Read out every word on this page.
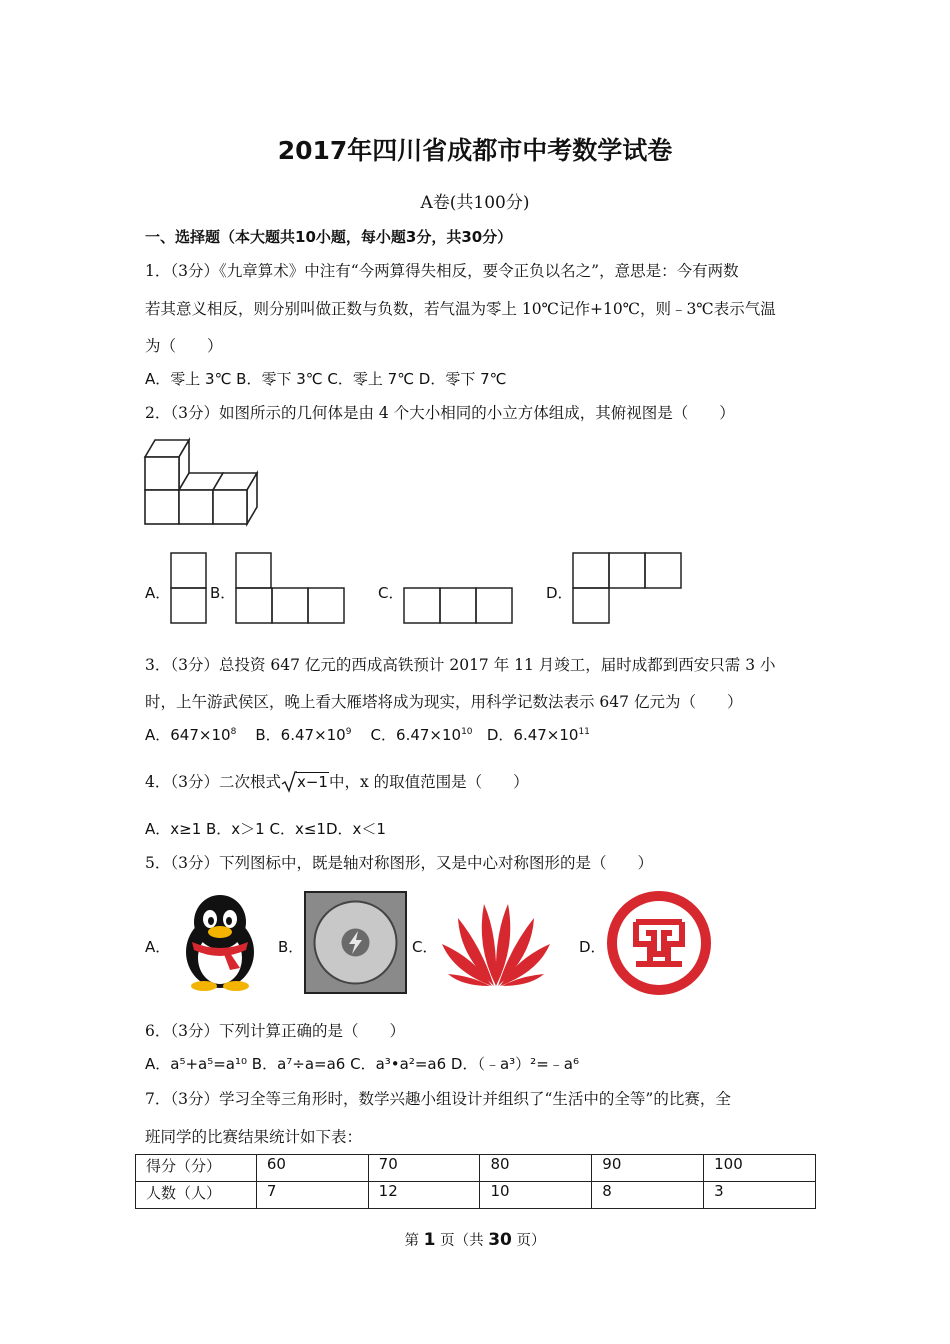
2017年四川省成都市中考数学试卷
A卷(共100分)
一、选择题（本大题共10小题，每小题3分，共30分）
1．（3分）《九章算术》中注有“今两算得失相反，要令正负以名之”，意思是：今有两数
若其意义相反，则分别叫做正数与负数，若气温为零上 10℃记作+10℃，则﹣3℃表示气温
为（　　）
A．零上 3℃ B．零下 3℃ C．零上 7℃ D．零下 7℃
2．（3分）如图所示的几何体是由 4 个大小相同的小立方体组成，其俯视图是（　　）
A．	B．	C．	D．
3．（3分）总投资 647 亿元的西成高铁预计 2017 年 11 月竣工，届时成都到西安只需 3 小
时，上午游武侯区，晚上看大雁塔将成为现实，用科学记数法表示 647 亿元为（　　）
A．$647\times 10^8$ B．$6.47\times 10^9$ C．$6.47\times 10^{10}$ D．$6.47\times 10^{11}$
4．（3分）二次根式 x−1中，x 的取值范围是（　　）
A．x≥1 B．x＞1 C．x≤1D．x＜1
5．（3分）下列图标中，既是轴对称图形，又是中心对称图形的是（　　）
A．	B．	C．	D．
6．（3分）下列计算正确的是（　　）
A．a⁵+a⁵=a¹⁰ B．a⁷÷a=a6 C．a³•a²=a6 D．（﹣a³）²=﹣a⁶
7．（3分）学习全等三角形时，数学兴趣小组设计并组织了“生活中的全等”的比赛，全
班同学的比赛结果统计如下表：
得分（分）	60	70	80	90	100
人数（人）	7	12	10	8	3
第 1 页（共 30 页）
